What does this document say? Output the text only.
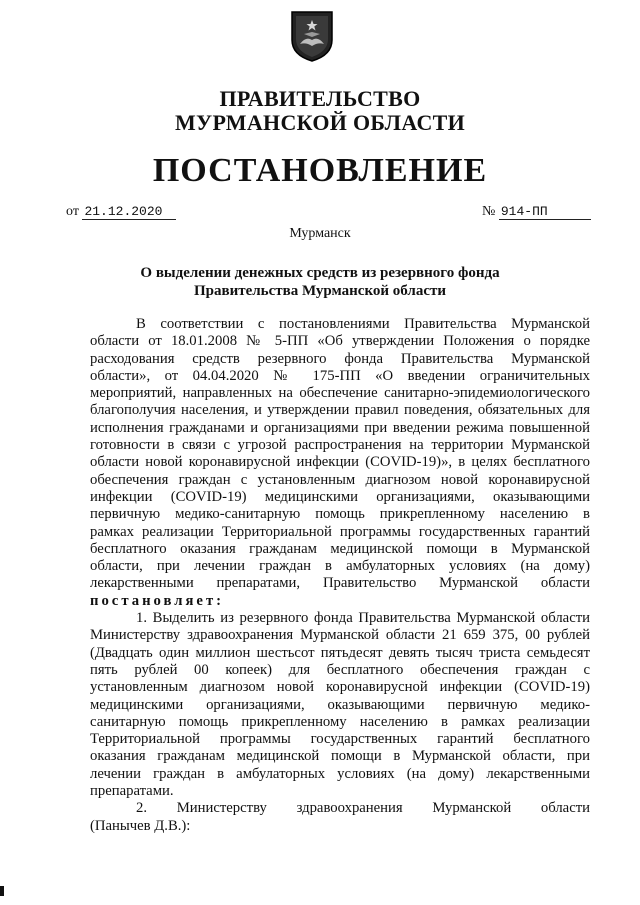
ПРАВИТЕЛЬСТВО
МУРМАНСКОЙ ОБЛАСТИ
ПОСТАНОВЛЕНИЕ
от 21.12.2020	№ 914-ПП
Мурманск
О выделении денежных средств из резервного фонда
Правительства Мурманской области

В соответствии с постановлениями Правительства Мурманской

области от 18.01.2008 № 5-ПП «Об утверждении Положения о порядке

расходования средств резервного фонда Правительства Мурманской

области», от 04.04.2020 № 175-ПП «О введении ограничительных

мероприятий, направленных на обеспечение санитарно-эпидемиологического

благополучия населения, и утверждении правил поведения, обязательных для

исполнения гражданами и организациями при введении режима повышенной

готовности в связи с угрозой распространения на территории Мурманской

области новой коронавирусной инфекции (COVID-19)», в целях бесплатного

обеспечения граждан с установленным диагнозом новой коронавирусной

инфекции (COVID-19) медицинскими организациями, оказывающими

первичную медико-санитарную помощь прикрепленному населению в

рамках реализации Территориальной программы государственных гарантий

бесплатного оказания гражданам медицинской помощи в Мурманской

области, при лечении граждан в амбулаторных условиях (на дому)

лекарственными препаратами, Правительство Мурманской области

постановляет:

1. Выделить из резервного фонда Правительства Мурманской области

Министерству здравоохранения Мурманской области 21 659 375, 00 рублей

(Двадцать один миллион шестьсот пятьдесят девять тысяч триста семьдесят

пять рублей 00 копеек) для бесплатного обеспечения граждан с

установленным диагнозом новой коронавирусной инфекции (COVID-19)

медицинскими организациями, оказывающими первичную медико-

санитарную помощь прикрепленному населению в рамках реализации

Территориальной программы государственных гарантий бесплатного

оказания гражданам медицинской помощи в Мурманской области, при

лечении граждан в амбулаторных условиях (на дому) лекарственными

препаратами.

2. Министерству здравоохранения Мурманской области

(Панычев Д.В.):
